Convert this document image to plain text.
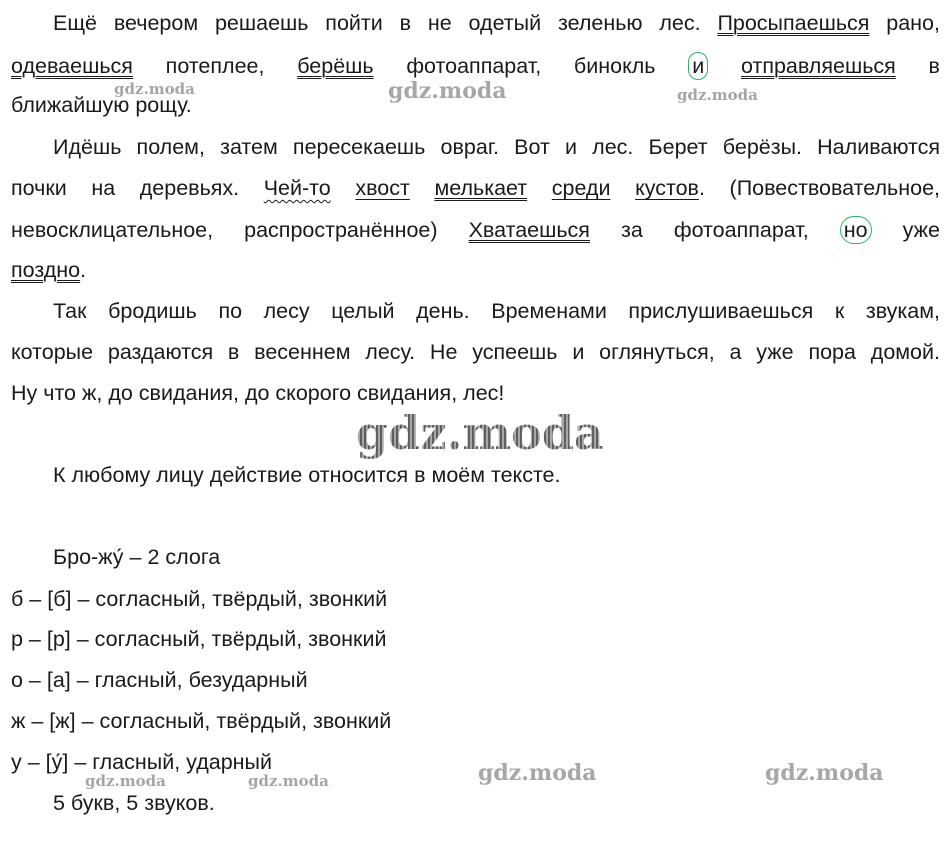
Ещё вечером решаешь пойти в не одетый зеленью лес. Просыпаешься рано,
одеваешься потеплее, берёшь фотоаппарат, бинокль и отправляешься в
ближайшую рощу.
Идёшь полем, затем пересекаешь овраг. Вот и лес. Берет берёзы. Наливаются
почки на деревьях. Чей-то хвост мелькает среди кустов. (Повествовательное,
невосклицательное, распространённое) Хватаешься за фотоаппарат, но уже
поздно.
Так бродишь по лесу целый день. Временами прислушиваешься к звукам,
которые раздаются в весеннем лесу. Не успеешь и оглянуться, а уже пора домой.
Ну что ж, до свидания, до скорого свидания, лес!
К любому лицу действие относится в моём тексте.
Бро-жу́ – 2 слога
б – [б] – согласный, твёрдый, звонкий
р – [р] – согласный, твёрдый, звонкий
о – [а] – гласный, безударный
ж – [ж] – согласный, твёрдый, звонкий
у – [у́] – гласный, ударный
5 букв, 5 звуков.
gdz.moda	gdz.moda	gdz.moda
gdz.moda
gdz.moda	gdz.moda	gdz.moda	gdz.moda
